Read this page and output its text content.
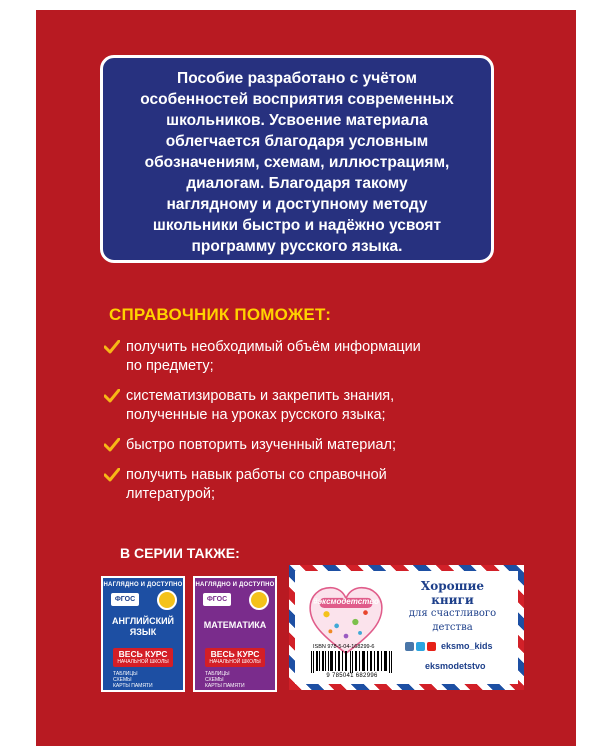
Пособие разработано с учётом
особенностей восприятия современных
школьников. Усвоение материала
облегчается благодаря условным
обозначениям, схемам, иллюстрациям,
диалогам. Благодаря такому
наглядному и доступному методу
школьники быстро и надёжно усвоят
программу русского языка.
СПРАВОЧНИК ПОМОЖЕТ:
получить необходимый объём информации
по предмету;
систематизировать и закрепить знания,
полученные на уроках русского языка;
быстро повторить изученный материал;
получить навык работы со справочной
литературой;
В СЕРИИ ТАКЖЕ:
НАГЛЯДНО И ДОСТУПНО
ФГОС
АНГЛИЙСКИЙ
ЯЗЫК
ВЕСЬ КУРС
НАЧАЛЬНОЙ ШКОЛЫ
ТАБЛИЦЫ
СХЕМЫ
КАРТЫ ПАМЯТИ
НАГЛЯДНО И ДОСТУПНО
ФГОС
МАТЕМАТИКА
ВЕСЬ КУРС
НАЧАЛЬНОЙ ШКОЛЫ
ТАБЛИЦЫ
СХЕМЫ
КАРТЫ ПАМЯТИ
#эксмодетство
Хорошие
книги
для счастливого
детства
ISBN 978-5-04-168299-6
9 785041 682996
eksmo_kids
eksmodetstvo
